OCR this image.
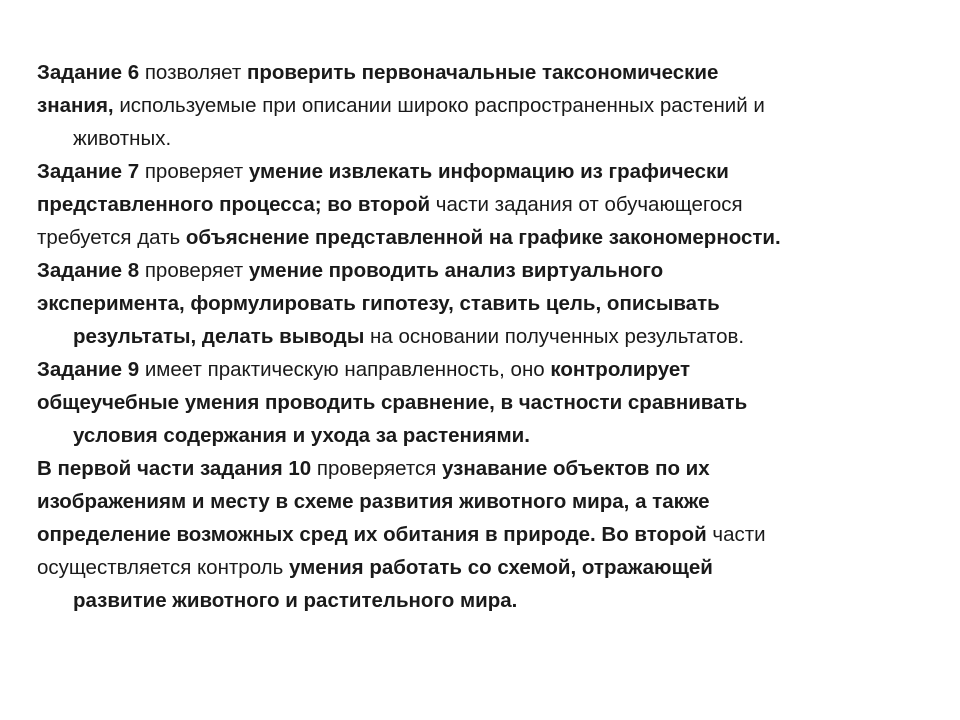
Задание 6 позволяет проверить первоначальные таксономические
знания, используемые при описании широко распространенных растений и
животных.
Задание 7 проверяет умение извлекать информацию из графически
представленного процесса; во второй части задания от обучающегося
требуется дать объяснение представленной на графике закономерности.
Задание 8 проверяет умение проводить анализ виртуального
эксперимента, формулировать гипотезу, ставить цель, описывать
результаты, делать выводы на основании полученных результатов.
Задание 9 имеет практическую направленность, оно контролирует
общеучебные умения проводить сравнение, в частности сравнивать
условия содержания и ухода за растениями.
В первой части задания 10 проверяется узнавание объектов по их
изображениям и месту в схеме развития животного мира, а также
определение возможных сред их обитания в природе. Во второй части
осуществляется контроль умения работать со схемой, отражающей
развитие животного и растительного мира.
